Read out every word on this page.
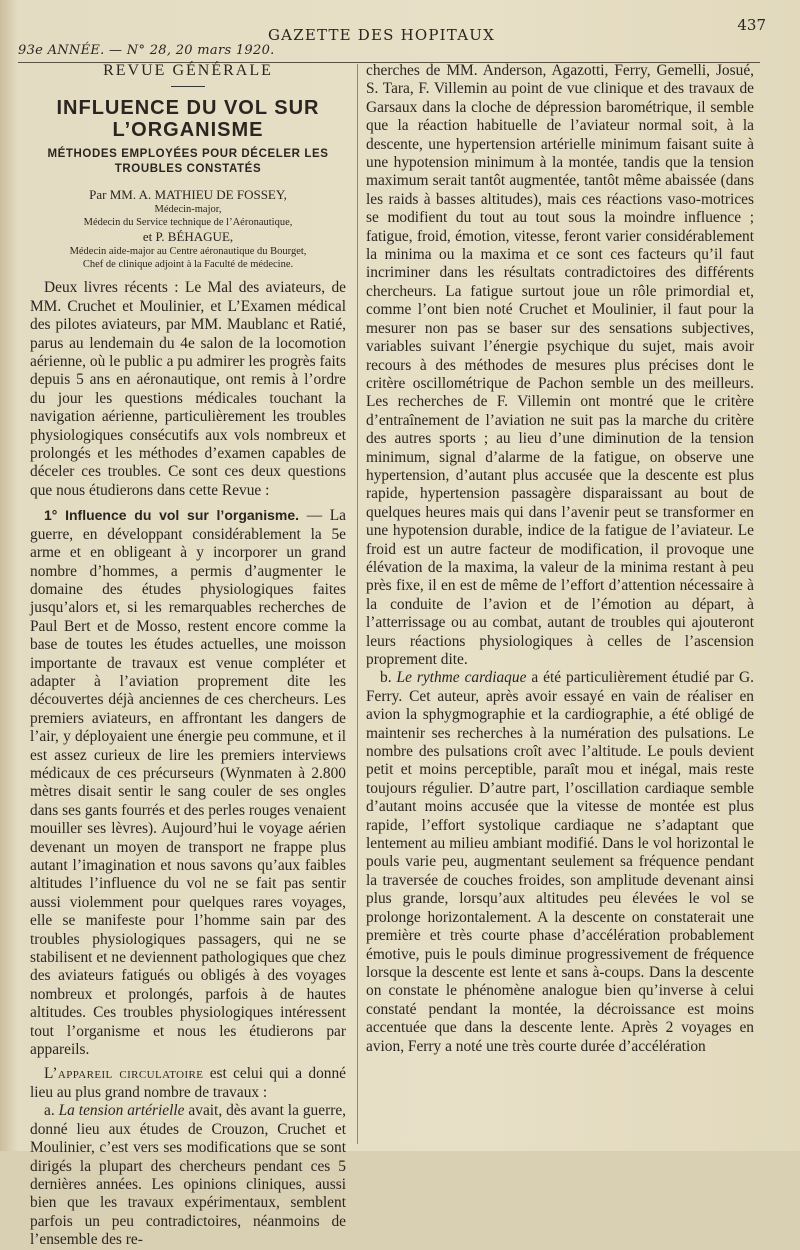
93e ANNÉE. — N° 28, 20 mars 1920.
GAZETTE DES HOPITAUX
437

REVUE GÉNÉRALE

INFLUENCE DU VOL SUR L’ORGANISME
MÉTHODES EMPLOYÉES POUR DÉCELER LES TROUBLES CONSTATÉS
Par MM. A. MATHIEU DE FOSSEY,
Médecin-major,
Médecin du Service technique de l’Aéronautique,
et P. BÉHAGUE,
Médecin aide-major au Centre aéronautique du Bourget,
Chef de clinique adjoint à la Faculté de médecine.

Deux livres récents : Le Mal des aviateurs, de MM. Cruchet et Moulinier, et L’Examen médical des pilotes aviateurs, par MM. Maublanc et Ratié, parus au lendemain du 4e salon de la locomotion aérienne, où le public a pu admirer les progrès faits depuis 5 ans en aéronautique, ont remis à l’ordre du jour les questions médicales touchant la navigation aérienne, particulièrement les troubles physiologiques consécutifs aux vols nombreux et prolongés et les méthodes d’examen capables de déceler ces troubles. Ce sont ces deux questions que nous étudierons dans cette Revue :

1° Influence du vol sur l’organisme. — La guerre, en développant considérablement la 5e arme et en obligeant à y incorporer un grand nombre d’hommes, a permis d’augmenter le domaine des études physiologiques faites jusqu’alors et, si les remarquables recherches de Paul Bert et de Mosso, restent encore comme la base de toutes les études actuelles, une moisson importante de travaux est venue compléter et adapter à l’aviation proprement dite les découvertes déjà anciennes de ces chercheurs. Les premiers aviateurs, en affrontant les dangers de l’air, y déployaient une énergie peu commune, et il est assez curieux de lire les premiers interviews médicaux de ces précurseurs (Wynmaten à 2.800 mètres disait sentir le sang couler de ses ongles dans ses gants fourrés et des perles rouges venaient mouiller ses lèvres). Aujourd’hui le voyage aérien devenant un moyen de transport ne frappe plus autant l’imagination et nous savons qu’aux faibles altitudes l’influence du vol ne se fait pas sentir aussi violemment pour quelques rares voyages, elle se manifeste pour l’homme sain par des troubles physiologiques passagers, qui ne se stabilisent et ne deviennent pathologiques que chez des aviateurs fatigués ou obligés à des voyages nombreux et prolongés, parfois à de hautes altitudes. Ces troubles physiologiques intéressent tout l’organisme et nous les étudierons par appareils.

L’appareil circulatoire est celui qui a donné lieu au plus grand nombre de travaux :

a. La tension artérielle avait, dès avant la guerre, donné lieu aux études de Crouzon, Cruchet et Moulinier, c’est vers ses modifications que se sont dirigés la plupart des chercheurs pendant ces 5 dernières années. Les opinions cliniques, aussi bien que les travaux expérimentaux, semblent parfois un peu contradictoires, néanmoins de l’ensemble des re-

cherches de MM. Anderson, Agazotti, Ferry, Gemelli, Josué, S. Tara, F. Villemin au point de vue clinique et des travaux de Garsaux dans la cloche de dépression barométrique, il semble que la réaction habituelle de l’aviateur normal soit, à la descente, une hypertension artérielle minimum faisant suite à une hypotension minimum à la montée, tandis que la tension maximum serait tantôt augmentée, tantôt même abaissée (dans les raids à basses altitudes), mais ces réactions vaso-motrices se modifient du tout au tout sous la moindre influence ; fatigue, froid, émotion, vitesse, feront varier considérablement la minima ou la maxima et ce sont ces facteurs qu’il faut incriminer dans les résultats contradictoires des différents chercheurs. La fatigue surtout joue un rôle primordial et, comme l’ont bien noté Cruchet et Moulinier, il faut pour la mesurer non pas se baser sur des sensations subjectives, variables suivant l’énergie psychique du sujet, mais avoir recours à des méthodes de mesures plus précises dont le critère oscillométrique de Pachon semble un des meilleurs. Les recherches de F. Villemin ont montré que le critère d’entraînement de l’aviation ne suit pas la marche du critère des autres sports ; au lieu d’une diminution de la tension minimum, signal d’alarme de la fatigue, on observe une hypertension, d’autant plus accusée que la descente est plus rapide, hypertension passagère disparaissant au bout de quelques heures mais qui dans l’avenir peut se transformer en une hypotension durable, indice de la fatigue de l’aviateur. Le froid est un autre facteur de modification, il provoque une élévation de la maxima, la valeur de la minima restant à peu près fixe, il en est de même de l’effort d’attention nécessaire à la conduite de l’avion et de l’émotion au départ, à l’atterrissage ou au combat, autant de troubles qui ajouteront leurs réactions physiologiques à celles de l’ascension proprement dite.

b. Le rythme cardiaque a été particulièrement étudié par G. Ferry. Cet auteur, après avoir essayé en vain de réaliser en avion la sphygmographie et la cardiographie, a été obligé de maintenir ses recherches à la numération des pulsations. Le nombre des pulsations croît avec l’altitude. Le pouls devient petit et moins perceptible, paraît mou et inégal, mais reste toujours régulier. D’autre part, l’oscillation cardiaque semble d’autant moins accusée que la vitesse de montée est plus rapide, l’effort systolique cardiaque ne s’adaptant que lentement au milieu ambiant modifié. Dans le vol horizontal le pouls varie peu, augmentant seulement sa fréquence pendant la traversée de couches froides, son amplitude devenant ainsi plus grande, lorsqu’aux altitudes peu élevées le vol se prolonge horizontalement. A la descente on constaterait une première et très courte phase d’accélération probablement émotive, puis le pouls diminue progressivement de fréquence lorsque la descente est lente et sans à-coups. Dans la descente on constate le phénomène analogue bien qu’inverse à celui constaté pendant la montée, la décroissance est moins accentuée que dans la descente lente. Après 2 voyages en avion, Ferry a noté une très courte durée d’accélération
